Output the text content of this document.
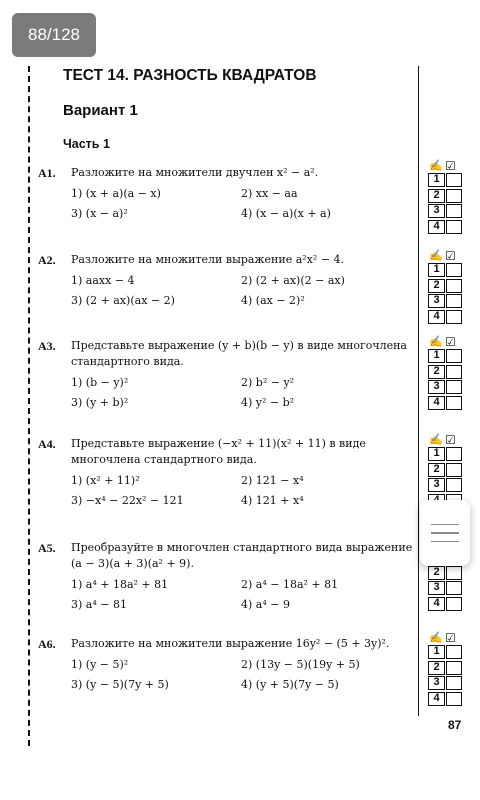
88/128
ТЕСТ 14. РАЗНОСТЬ КВАДРАТОВ
Вариант 1
Часть 1
А1. Разложите на множители двучлен x² − a².
1) (x + a)(a − x)	2) xx − aa
3) (x − a)²	4) (x − a)(x + a)
А2. Разложите на множители выражение a²x² − 4.
1) aaxx − 4	2) (2 + ax)(2 − ax)
3) (2 + ax)(ax − 2)	4) (ax − 2)²
А3. Представьте выражение (y + b)(b − y) в виде многочлена стандартного вида.
1) (b − y)²	2) b² − y²
3) (y + b)²	4) y² − b²
А4. Представьте выражение (−x² + 11)(x² + 11) в виде многочлена стандартного вида.
1) (x² + 11)²	2) 121 − x⁴
3) −x⁴ − 22x² − 121	4) 121 + x⁴
А5. Преобразуйте в многочлен стандартного вида выражение (a − 3)(a + 3)(a² + 9).
1) a⁴ + 18a² + 81	2) a⁴ − 18a² + 81
3) a⁴ − 81	4) a⁴ − 9
А6. Разложите на множители выражение 16y² − (5 + 3y)².
1) (y − 5)²	2) (13y − 5)(19y + 5)
3) (y − 5)(7y + 5)	4) (y + 5)(7y − 5)
✍ ☑
1
2
3
4
✍ ☑
1
2
3
4
✍ ☑
1
2
3
4
✍ ☑
1
2
3
2
3
4
✍ ☑
1
2
3
4
87
